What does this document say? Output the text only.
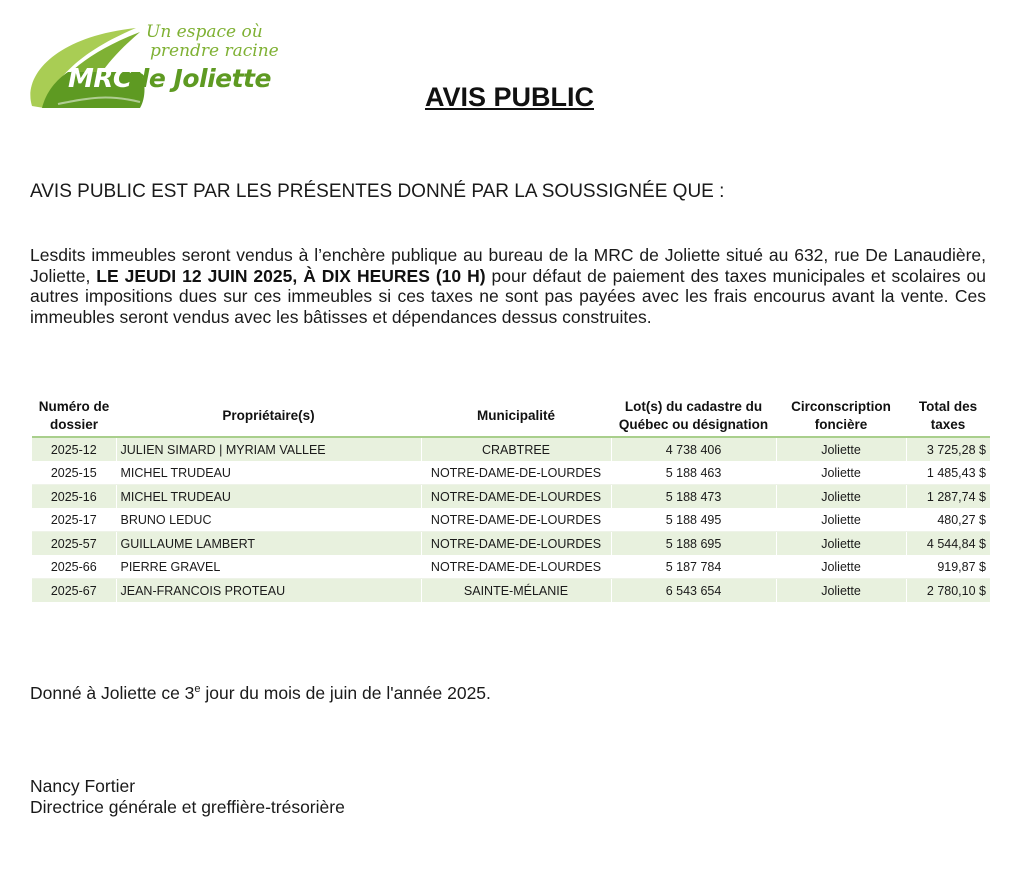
Un espace où
prendre racine
MRCde Joliette
AVIS PUBLIC
AVIS PUBLIC EST PAR LES PRÉSENTES DONNÉ PAR LA SOUSSIGNÉE QUE :
Lesdits immeubles seront vendus à l’enchère publique au bureau de la MRC de Joliette situé au 632, rue De Lanaudière, Joliette, LE JEUDI 12 JUIN 2025, À DIX HEURES (10 H) pour défaut de paiement des taxes municipales et scolaires ou autres impositions dues sur ces immeubles si ces taxes ne sont pas payées avec les frais encourus avant la vente. Ces immeubles seront vendus avec les bâtisses et dépendances dessus construites.
Numéro de dossier	Propriétaire(s)	Municipalité	Lot(s) du cadastre du Québec ou désignation	Circonscription foncière	Total des taxes
2025-12	JULIEN SIMARD | MYRIAM VALLEE	CRABTREE	4 738 406	Joliette	3 725,28 $
2025-15	MICHEL TRUDEAU	NOTRE-DAME-DE-LOURDES	5 188 463	Joliette	1 485,43 $
2025-16	MICHEL TRUDEAU	NOTRE-DAME-DE-LOURDES	5 188 473	Joliette	1 287,74 $
2025-17	BRUNO LEDUC	NOTRE-DAME-DE-LOURDES	5 188 495	Joliette	480,27 $
2025-57	GUILLAUME LAMBERT	NOTRE-DAME-DE-LOURDES	5 188 695	Joliette	4 544,84 $
2025-66	PIERRE GRAVEL	NOTRE-DAME-DE-LOURDES	5 187 784	Joliette	919,87 $
2025-67	JEAN-FRANCOIS PROTEAU	SAINTE-MÉLANIE	6 543 654	Joliette	2 780,10 $
Donné à Joliette ce 3e jour du mois de juin de l'année 2025.
Nancy Fortier
Directrice générale et greffière-trésorière
